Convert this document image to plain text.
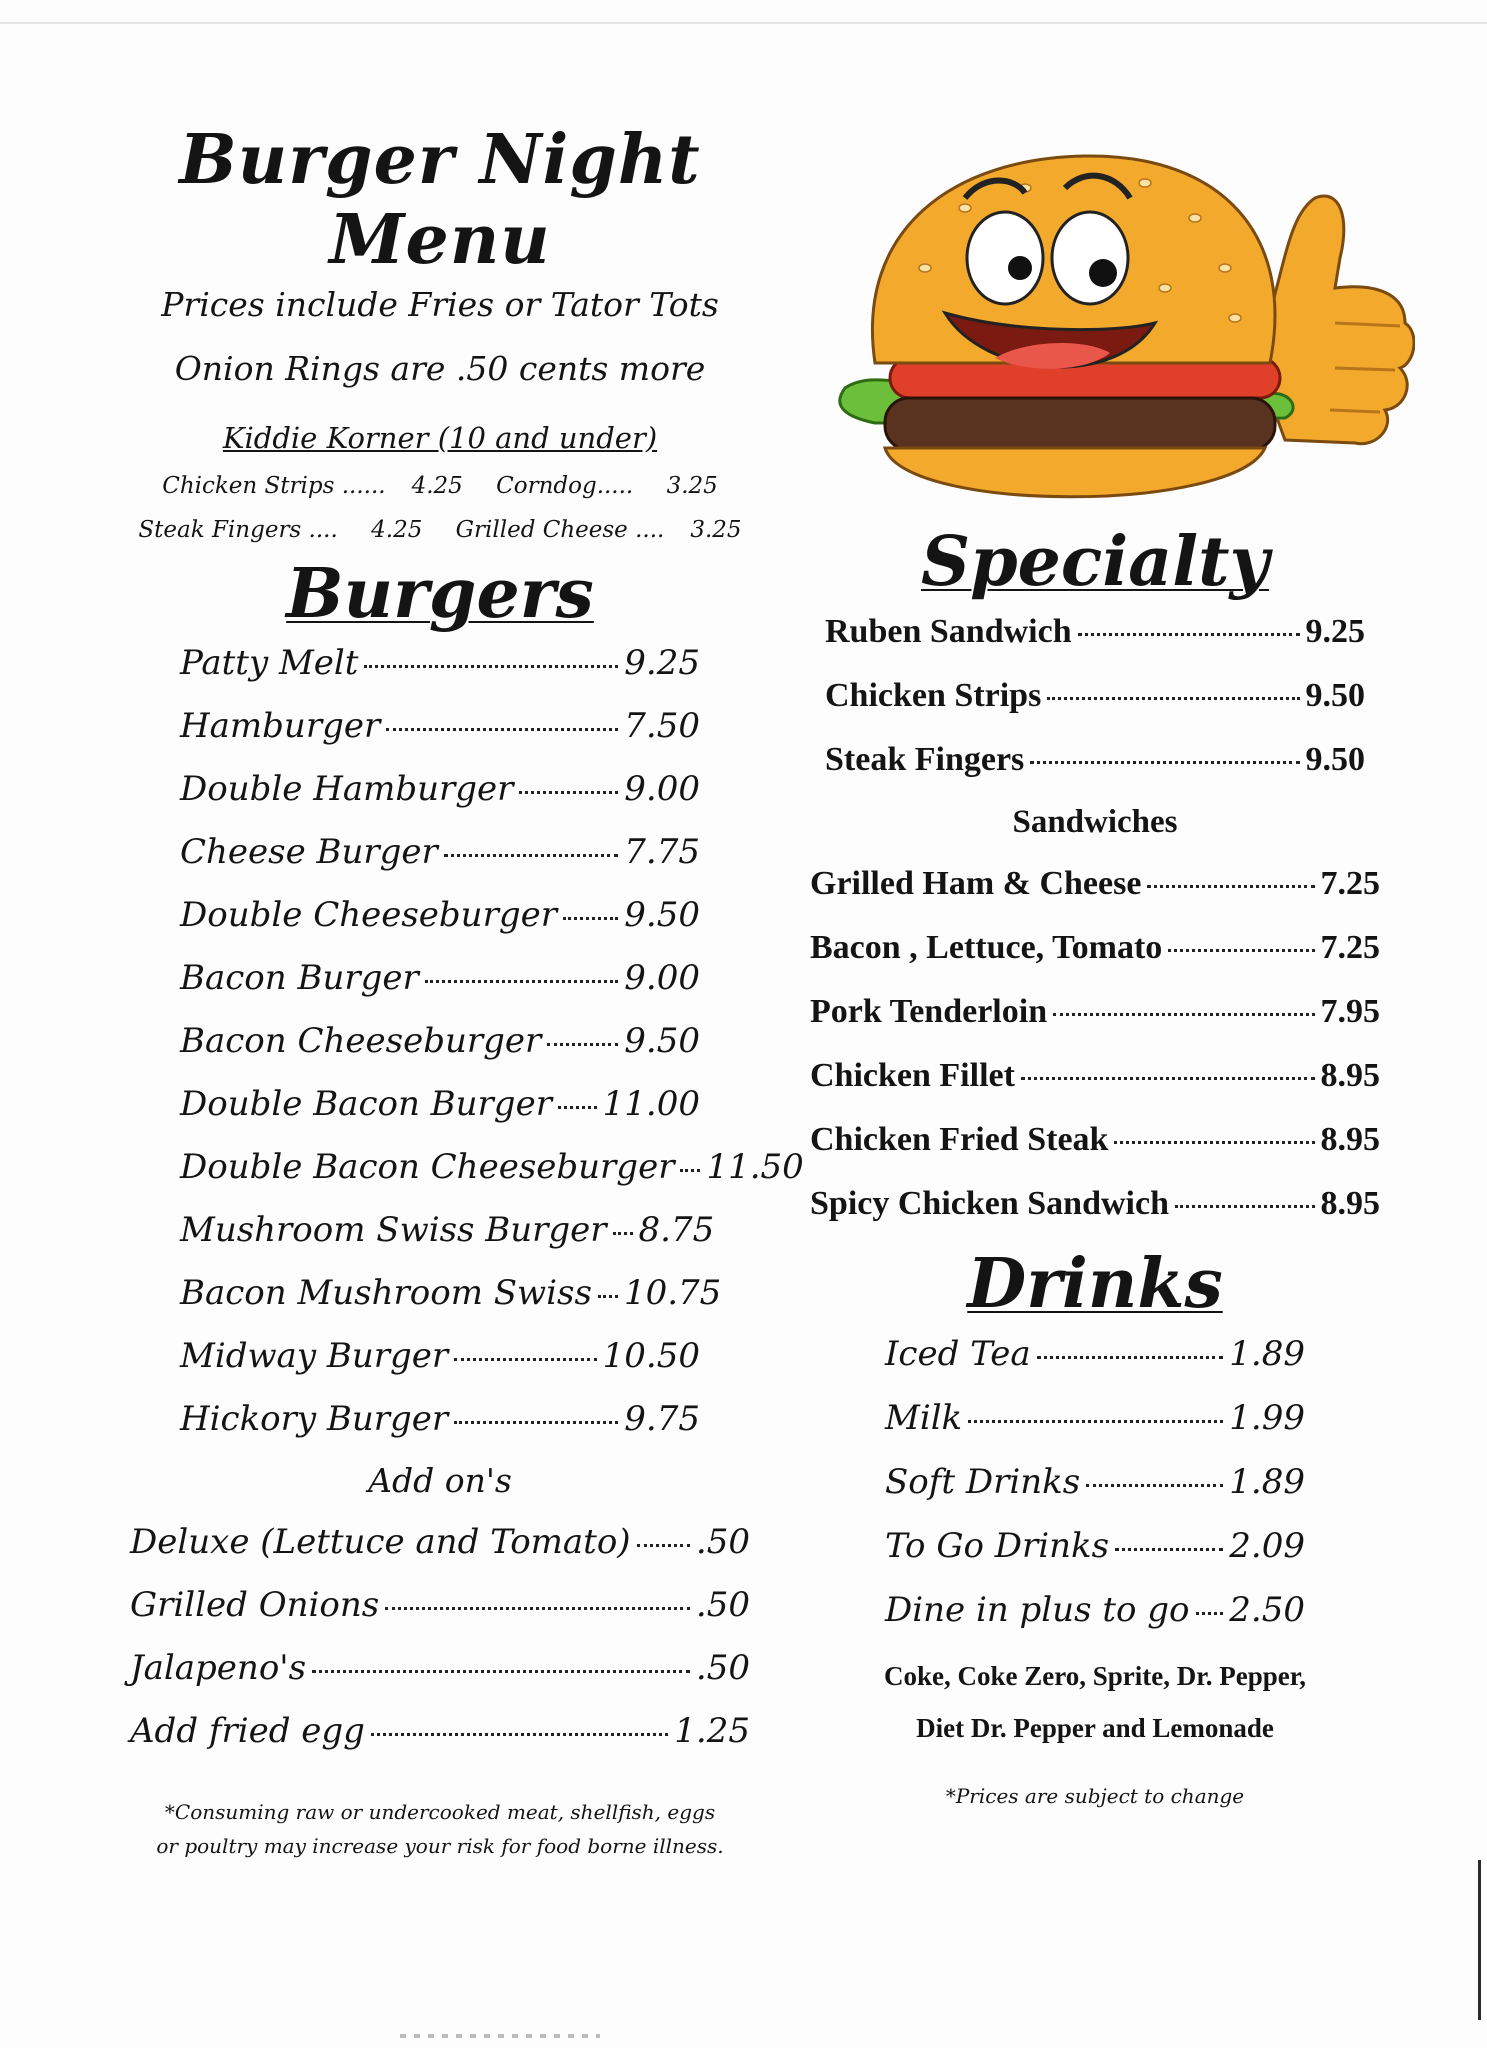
Burger Night Menu

Prices include Fries or Tator Tots

Onion Rings are .50 cents more

Kiddie Korner (10 and under)
Chicken Strips ...... 4.25 Corndog..... 3.25
Steak Fingers .... 4.25 Grilled Cheese .... 3.25
Burgers
Patty Melt	9.25
Hamburger	7.50
Double Hamburger	9.00
Cheese Burger	7.75
Double Cheeseburger 9.50
Bacon Burger	9.00
Bacon Cheeseburger 9.50
Double Bacon Burger 11.00
Double Bacon Cheeseburger 11.50
Mushroom Swiss Burger 8.75
Bacon Mushroom Swiss 10.75
Midway Burger	10.50
Hickory Burger	9.75

Add on's

Deluxe (Lettuce and Tomato) .50
Grilled Onions	.50
Jalapeno's	.50
Add fried egg	1.25
*Consuming raw or undercooked meat, shellfish, eggs
or poultry may increase your risk for food borne illness.
Specialty
Ruben Sandwich	9.25
Chicken Strips	9.50
Steak Fingers	9.50

Sandwiches

Grilled Ham & Cheese	7.25
Bacon , Lettuce, Tomato	7.25
Pork Tenderloin	7.95
Chicken Fillet	8.95
Chicken Fried Steak	8.95
Spicy Chicken Sandwich	8.95
Drinks
Iced Tea	1.89
Milk	1.99
Soft Drinks	1.89
To Go Drinks	2.09
Dine in plus to go 2.50
Coke, Coke Zero, Sprite, Dr. Pepper,
Diet Dr. Pepper and Lemonade
*Prices are subject to change
